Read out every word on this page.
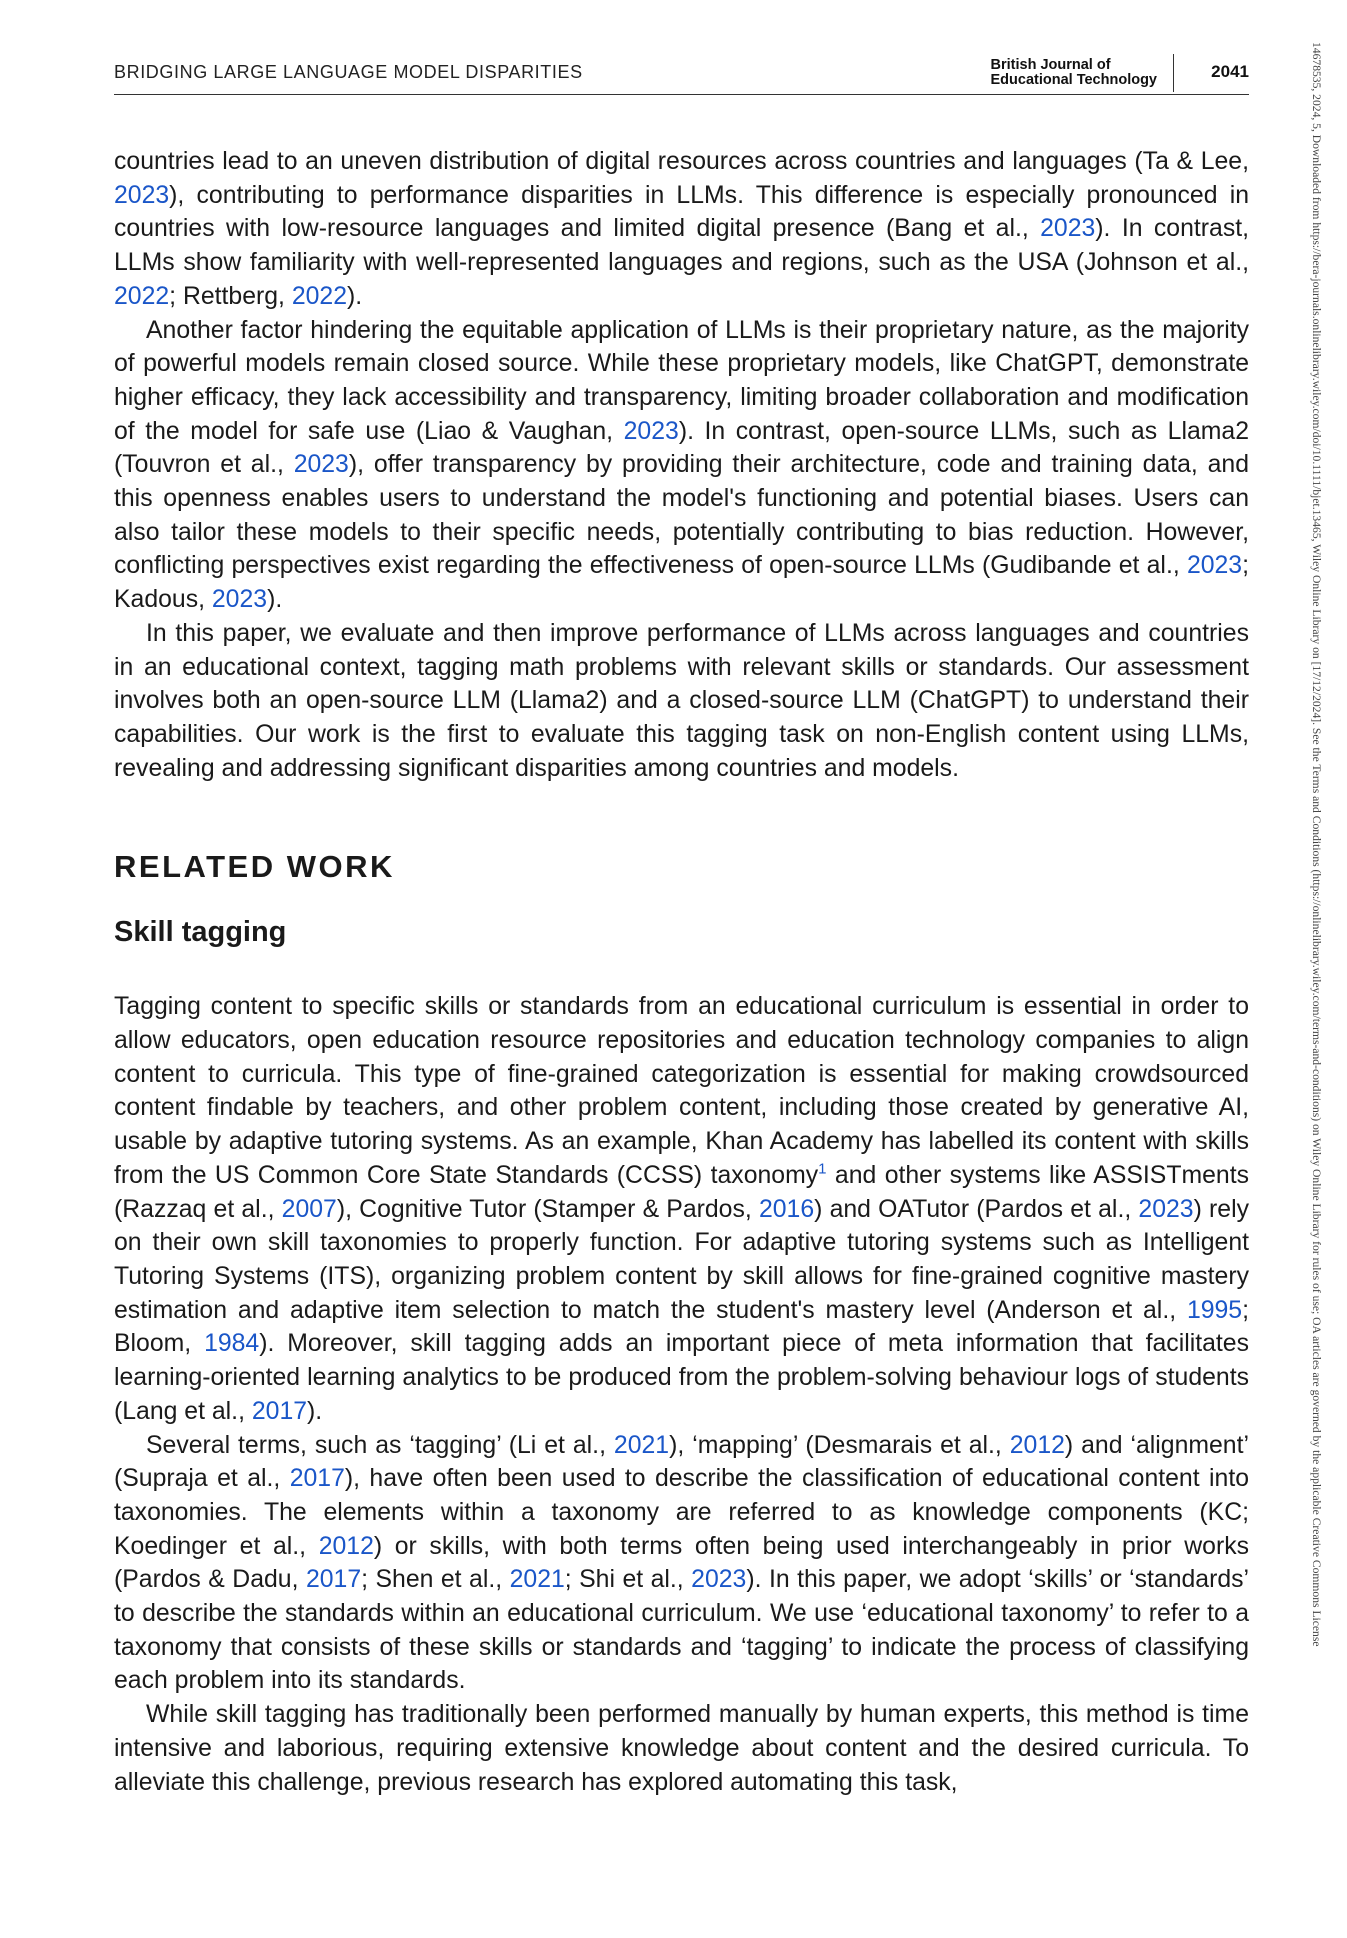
BRIDGING LARGE LANGUAGE MODEL DISPARITIES	British Journal of
Educational Technology	2041	14678535, 2024, 5, Downloaded from https://bera-journals.onlinelibrary.wiley.com/doi/10.1111/bjet.13465, Wiley Online Library on [17/12/2024]. See the Terms and Conditions (https://onlinelibrary.wiley.com/terms-and-conditions) on Wiley Online Library for rules of use; OA articles are governed by the applicable Creative Commons License

countries lead to an uneven distribution of digital resources across countries and languages (Ta & Lee, 2023), contributing to performance disparities in LLMs. This difference is especially pronounced in countries with low-resource languages and limited digital presence (Bang et al., 2023). In contrast, LLMs show familiarity with well-represented languages and regions, such as the USA (Johnson et al., 2022; Rettberg, 2022).

Another factor hindering the equitable application of LLMs is their proprietary nature, as the majority of powerful models remain closed source. While these proprietary models, like ChatGPT, demonstrate higher efficacy, they lack accessibility and transparency, limiting broader collaboration and modification of the model for safe use (Liao & Vaughan, 2023). In contrast, open-source LLMs, such as Llama2 (Touvron et al., 2023), offer transparency by providing their architecture, code and training data, and this openness enables users to understand the model's functioning and potential biases. Users can also tailor these models to their specific needs, potentially contributing to bias reduction. However, conflicting perspectives exist regarding the effectiveness of open-source LLMs (Gudibande et al., 2023; Kadous, 2023).

In this paper, we evaluate and then improve performance of LLMs across languages and countries in an educational context, tagging math problems with relevant skills or standards. Our assessment involves both an open-source LLM (Llama2) and a closed-source LLM (ChatGPT) to understand their capabilities. Our work is the first to evaluate this tagging task on non-English content using LLMs, revealing and addressing significant disparities among countries and models.

RELATED WORK
Skill tagging

Tagging content to specific skills or standards from an educational curriculum is essential in order to allow educators, open education resource repositories and education technology companies to align content to curricula. This type of fine-grained categorization is essential for making crowdsourced content findable by teachers, and other problem content, including those created by generative AI, usable by adaptive tutoring systems. As an example, Khan Academy has labelled its content with skills from the US Common Core State Standards (CCSS) taxonomy$^1$ and other systems like ASSISTments (Razzaq et al., 2007), Cognitive Tutor (Stamper & Pardos, 2016) and OATutor (Pardos et al., 2023) rely on their own skill taxonomies to properly function. For adaptive tutoring systems such as Intelligent Tutoring Systems (ITS), organizing problem content by skill allows for fine-grained cognitive mastery estimation and adaptive item selection to match the student's mastery level (Anderson et al., 1995; Bloom, 1984). Moreover, skill tagging adds an important piece of meta information that facilitates learning-oriented learning analytics to be produced from the problem-solving behaviour logs of students (Lang et al., 2017).

Several terms, such as ‘tagging’ (Li et al., 2021), ‘mapping’ (Desmarais et al., 2012) and ‘alignment’ (Supraja et al., 2017), have often been used to describe the classification of educational content into taxonomies. The elements within a taxonomy are referred to as knowledge components (KC; Koedinger et al., 2012) or skills, with both terms often being used interchangeably in prior works (Pardos & Dadu, 2017; Shen et al., 2021; Shi et al., 2023). In this paper, we adopt ‘skills’ or ‘standards’ to describe the standards within an educational curriculum. We use ‘educational taxonomy’ to refer to a taxonomy that consists of these skills or standards and ‘tagging’ to indicate the process of classifying each problem into its standards.

While skill tagging has traditionally been performed manually by human experts, this method is time intensive and laborious, requiring extensive knowledge about content and the desired curricula. To alleviate this challenge, previous research has explored automating this task,
